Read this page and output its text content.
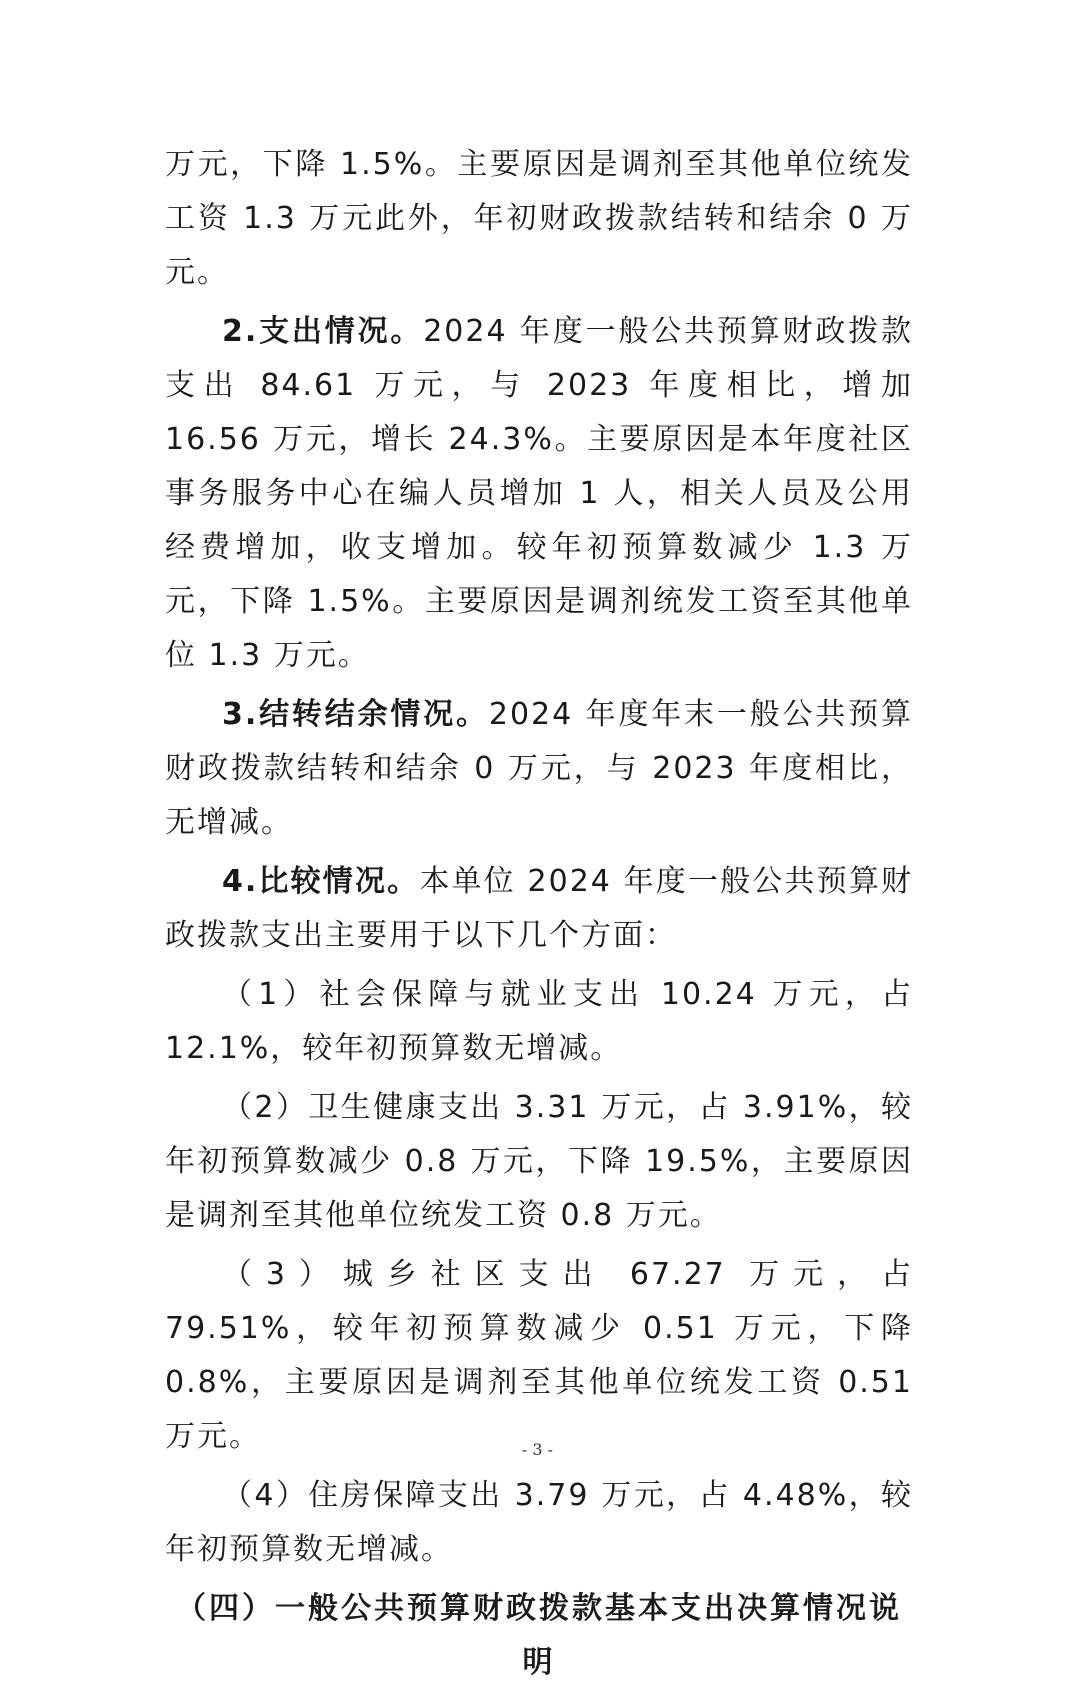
万元，下降 1.5%。主要原因是调剂至其他单位统发工资 1.3 万元此外，年初财政拨款结转和结余 0 万元。

2.支出情况。2024 年度一般公共预算财政拨款支出 84.61 万元，与 2023 年度相比，增加 16.56 万元，增长 24.3%。主要原因是本年度社区事务服务中心在编人员增加 1 人，相关人员及公用经费增加，收支增加。较年初预算数减少 1.3 万元，下降 1.5%。主要原因是调剂统发工资至其他单位 1.3 万元。

3.结转结余情况。2024 年度年末一般公共预算财政拨款结转和结余 0 万元，与 2023 年度相比，无增减。

4.比较情况。本单位 2024 年度一般公共预算财政拨款支出主要用于以下几个方面：

（1）社会保障与就业支出 10.24 万元，占 12.1%，较年初预算数无增减。

（2）卫生健康支出 3.31 万元，占 3.91%，较年初预算数减少 0.8 万元，下降 19.5%，主要原因是调剂至其他单位统发工资 0.8 万元。

（3）城乡社区支出 67.27 万元，占 79.51%，较年初预算数减少 0.51 万元，下降 0.8%，主要原因是调剂至其他单位统发工资 0.51 万元。

（4）住房保障支出 3.79 万元，占 4.48%，较年初预算数无增减。

（四）一般公共预算财政拨款基本支出决算情况说明

- 3 -
